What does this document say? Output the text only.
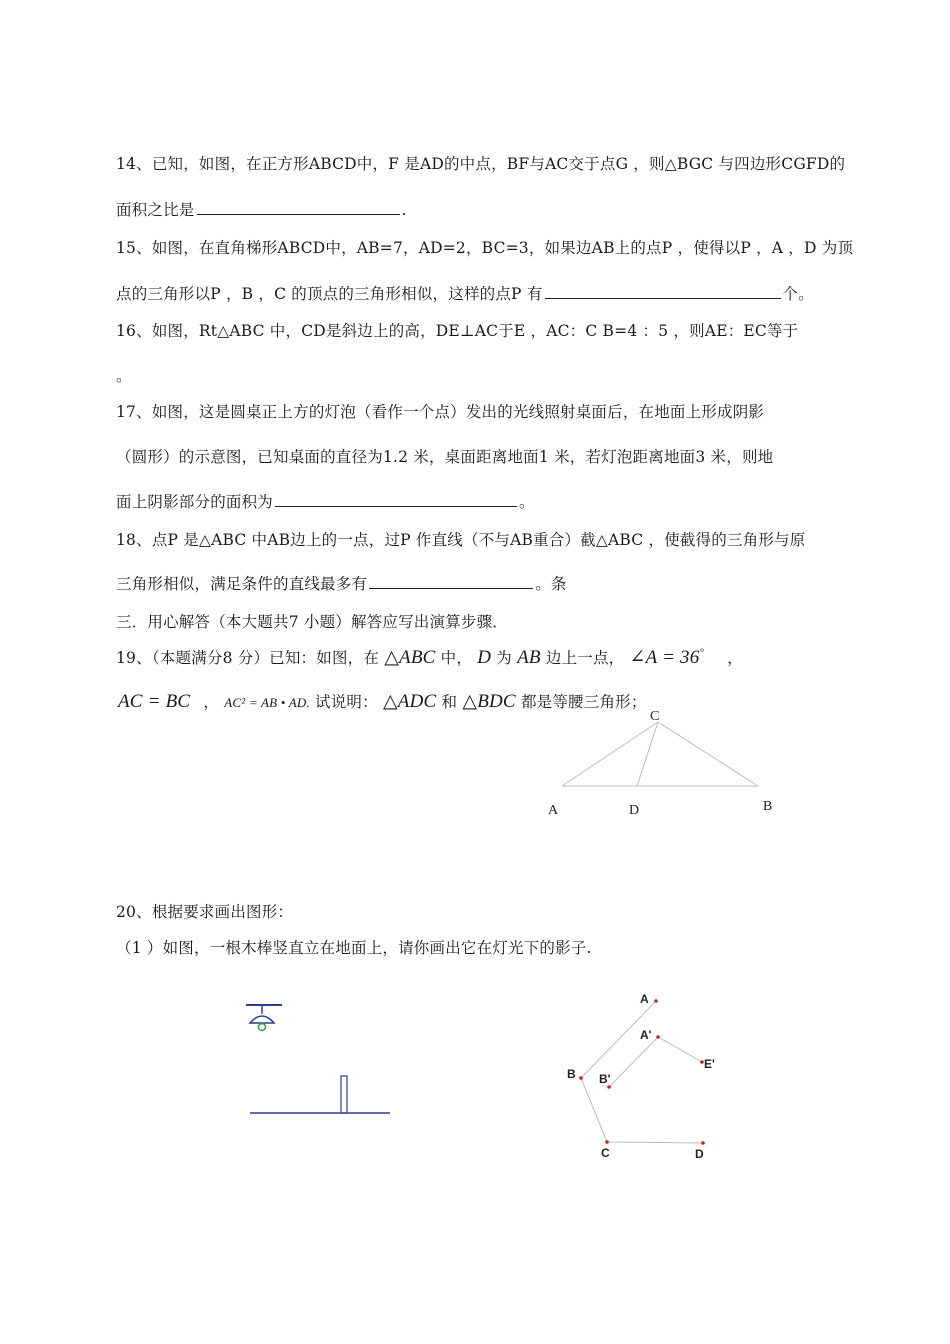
14、已知，如图，在正方形ABCD中，F 是AD的中点，BF与AC交于点G ，则△BGC 与四边形CGFD的
面积之比是	.
15、如图，在直角梯形ABCD中，AB=7，AD=2，BC=3，如果边AB上的点P ，使得以P ，A ，D 为顶
点的三角形以P ，B ，C 的顶点的三角形相似，这样的点P 有	个。
16、如图，Rt△ABC 中，CD是斜边上的高，DE⊥AC于E ，AC：C B=4 ：5 ，则AE：EC等于
。
17、如图，这是圆桌正上方的灯泡（看作一个点）发出的光线照射桌面后，在地面上形成阴影
（圆形）的示意图，已知桌面的直径为1.2 米，桌面距离地面1 米，若灯泡距离地面3 米，则地
面上阴影部分的面积为	。
18、点P 是△ABC 中AB边上的一点，过P 作直线（不与AB重合）截△ABC ，使截得的三角形与原
三角形相似，满足条件的直线最多有	。条
三．用心解答（本大题共7 小题）解答应写出演算步骤．
19、（本题满分8 分）已知：如图，在 △ABC 中， D 为 AB 边上一点， ∠A = 36° ，
AC = BC ， AC² = AB • AD. 试说明： △ADC 和 △BDC 都是等腰三角形；
C
A	D	B
20、根据要求画出图形：
（1 ）如图，一根木棒竖直立在地面上，请你画出它在灯光下的影子.
A
A'
E'
B B'
C	D
